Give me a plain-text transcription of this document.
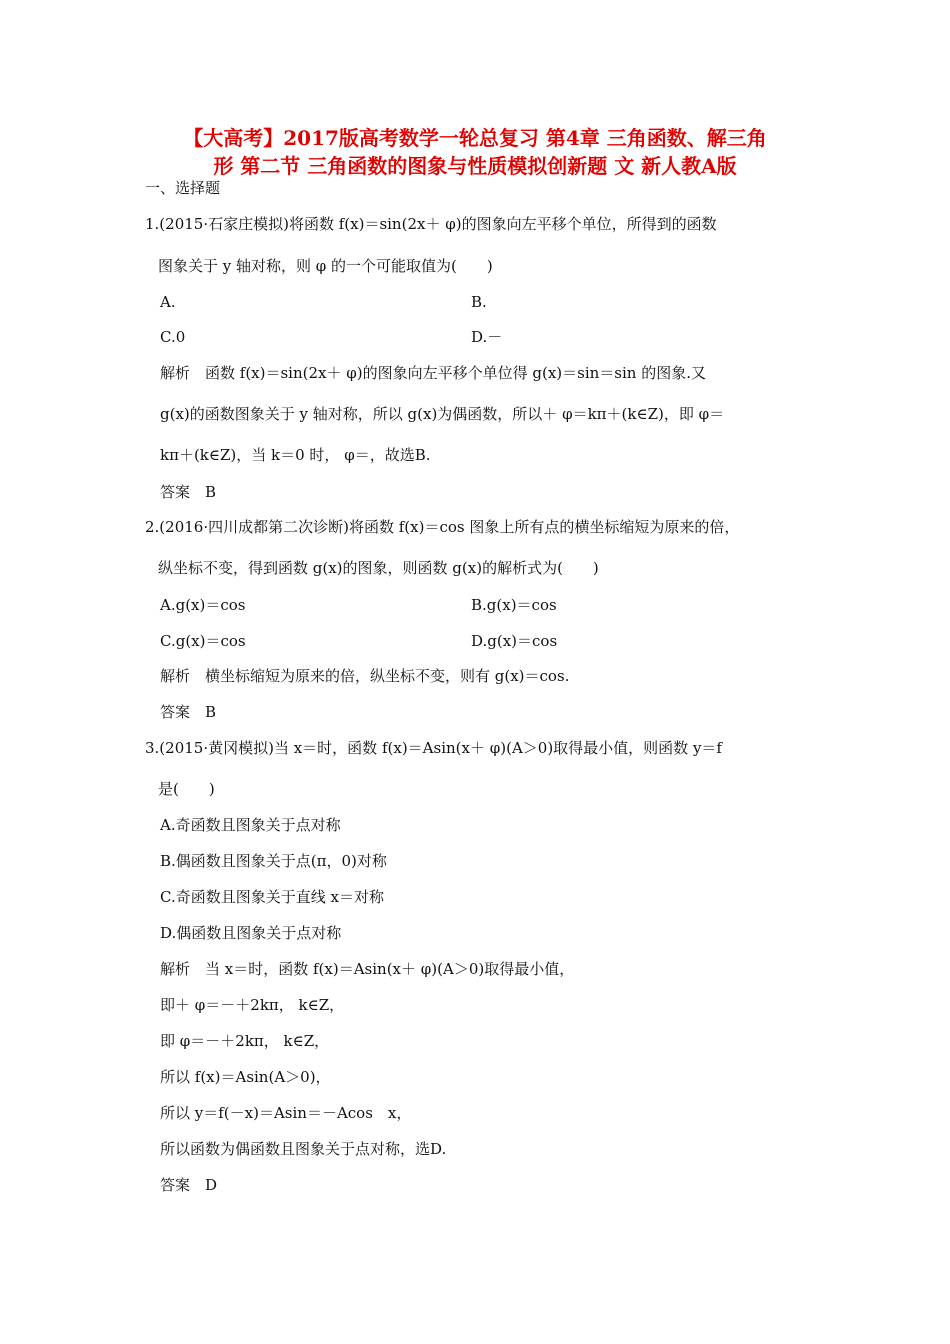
【大高考】2017版高考数学一轮总复习 第4章 三角函数、解三角
形 第二节 三角函数的图象与性质模拟创新题 文 新人教A版
一、选择题
1.(2015·石家庄模拟)将函数 f(x)＝sin(2x＋ φ)的图象向左平移个单位，所得到的函数
图象关于 y 轴对称，则 φ 的一个可能取值为(　　)
A.	B.
C.0	D.－
解析　函数 f(x)＝sin(2x＋ φ)的图象向左平移个单位得 g(x)＝sin＝sin 的图象.又
g(x)的函数图象关于 y 轴对称，所以 g(x)为偶函数，所以＋ φ＝kπ＋(k∈Z)，即 φ＝
kπ＋(k∈Z)，当 k＝0 时， φ＝，故选B.
答案　B
2.(2016·四川成都第二次诊断)将函数 f(x)＝cos 图象上所有点的横坐标缩短为原来的倍，
纵坐标不变，得到函数 g(x)的图象，则函数 g(x)的解析式为(　　)
A.g(x)＝cos	B.g(x)＝cos
C.g(x)＝cos	D.g(x)＝cos
解析　横坐标缩短为原来的倍，纵坐标不变，则有 g(x)＝cos.
答案　B
3.(2015·黄冈模拟)当 x＝时，函数 f(x)＝Asin(x＋ φ)(A＞0)取得最小值，则函数 y＝f
是(　　)
A.奇函数且图象关于点对称
B.偶函数且图象关于点(π，0)对称
C.奇函数且图象关于直线 x＝对称
D.偶函数且图象关于点对称
解析　当 x＝时，函数 f(x)＝Asin(x＋ φ)(A＞0)取得最小值，
即＋ φ＝－＋2kπ， k∈Z，
即 φ＝－＋2kπ， k∈Z，
所以 f(x)＝Asin(A＞0)，
所以 y＝f(－x)＝Asin＝－Acos　x，
所以函数为偶函数且图象关于点对称，选D.
答案　D
